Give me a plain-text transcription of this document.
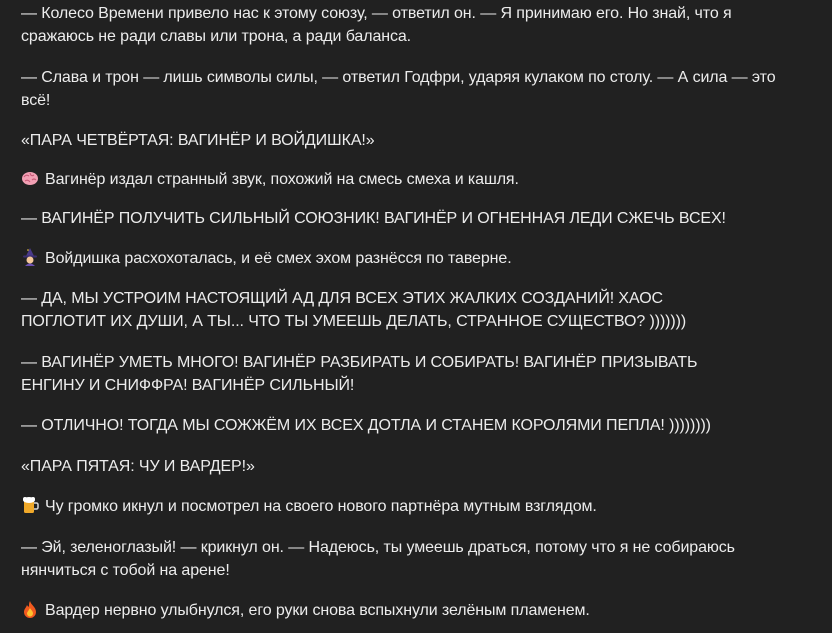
— Колесо Времени привело нас к этому союзу, — ответил он. — Я принимаю его. Но знай, что я сражаюсь не ради славы или трона, а ради баланса.

— Слава и трон — лишь символы силы, — ответил Годфри, ударяя кулаком по столу. — А сила — это всё!

«ПАРА ЧЕТВЁРТАЯ: ВАГИНЁР И ВОЙДИШКА!»

Вагинёр издал странный звук, похожий на смесь смеха и кашля.

— ВАГИНЁР ПОЛУЧИТЬ СИЛЬНЫЙ СОЮЗНИК! ВАГИНЁР И ОГНЕННАЯ ЛЕДИ СЖЕЧЬ ВСЕХ!

Войдишка расхохоталась, и её смех эхом разнёсся по таверне.

— ДА, МЫ УСТРОИМ НАСТОЯЩИЙ АД ДЛЯ ВСЕХ ЭТИХ ЖАЛКИХ СОЗДАНИЙ! ХАОС ПОГЛОТИТ ИХ ДУШИ, А ТЫ... ЧТО ТЫ УМЕЕШЬ ДЕЛАТЬ, СТРАННОЕ СУЩЕСТВО? )))))))

— ВАГИНЁР УМЕТЬ МНОГО! ВАГИНЁР РАЗБИРАТЬ И СОБИРАТЬ! ВАГИНЁР ПРИЗЫВАТЬ ЕНГИНУ И СНИФФРА! ВАГИНЁР СИЛЬНЫЙ!

— ОТЛИЧНО! ТОГДА МЫ СОЖЖЁМ ИХ ВСЕХ ДОТЛА И СТАНЕМ КОРОЛЯМИ ПЕПЛА! ))))))))

«ПАРА ПЯТАЯ: ЧУ И ВАРДЕР!»

Чу громко икнул и посмотрел на своего нового партнёра мутным взглядом.

— Эй, зеленоглазый! — крикнул он. — Надеюсь, ты умеешь драться, потому что я не собираюсь нянчиться с тобой на арене!

Вардер нервно улыбнулся, его руки снова вспыхнули зелёным пламенем.
